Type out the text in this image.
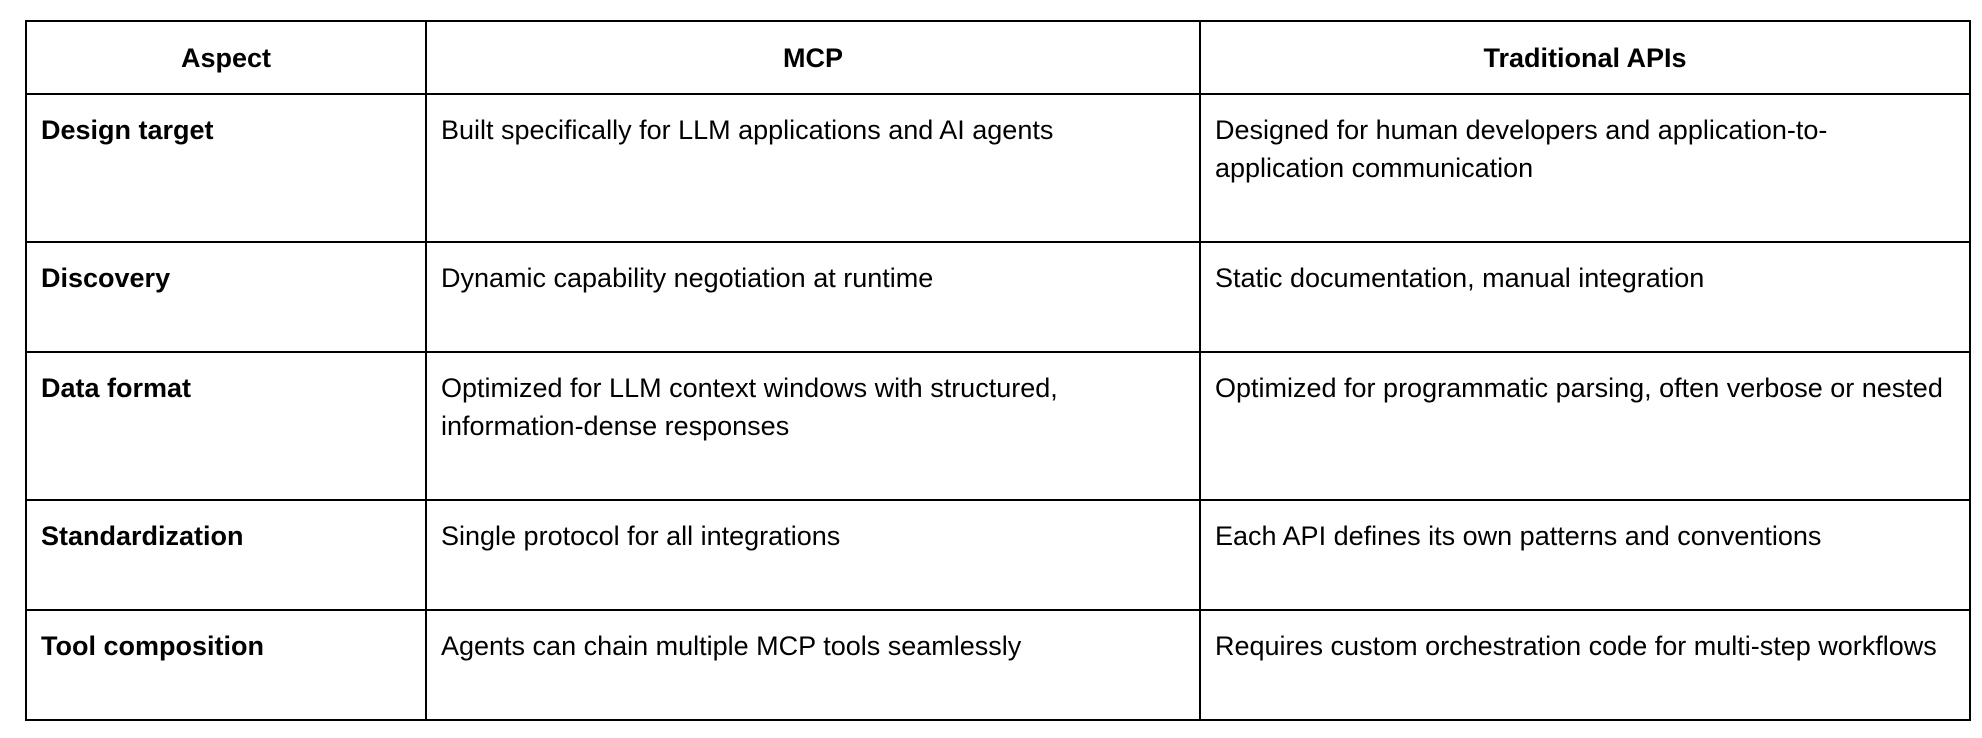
Aspect	MCP	Traditional APIs
Design target	Built specifically for LLM applications and AI agents	Designed for human developers and application-to-application communication
Discovery	Dynamic capability negotiation at runtime	Static documentation, manual integration
Data format	Optimized for LLM context windows with structured, information-dense responses	Optimized for programmatic parsing, often verbose or nested
Standardization	Single protocol for all integrations	Each API defines its own patterns and conventions
Tool composition	Agents can chain multiple MCP tools seamlessly	Requires custom orchestration code for multi-step workflows
